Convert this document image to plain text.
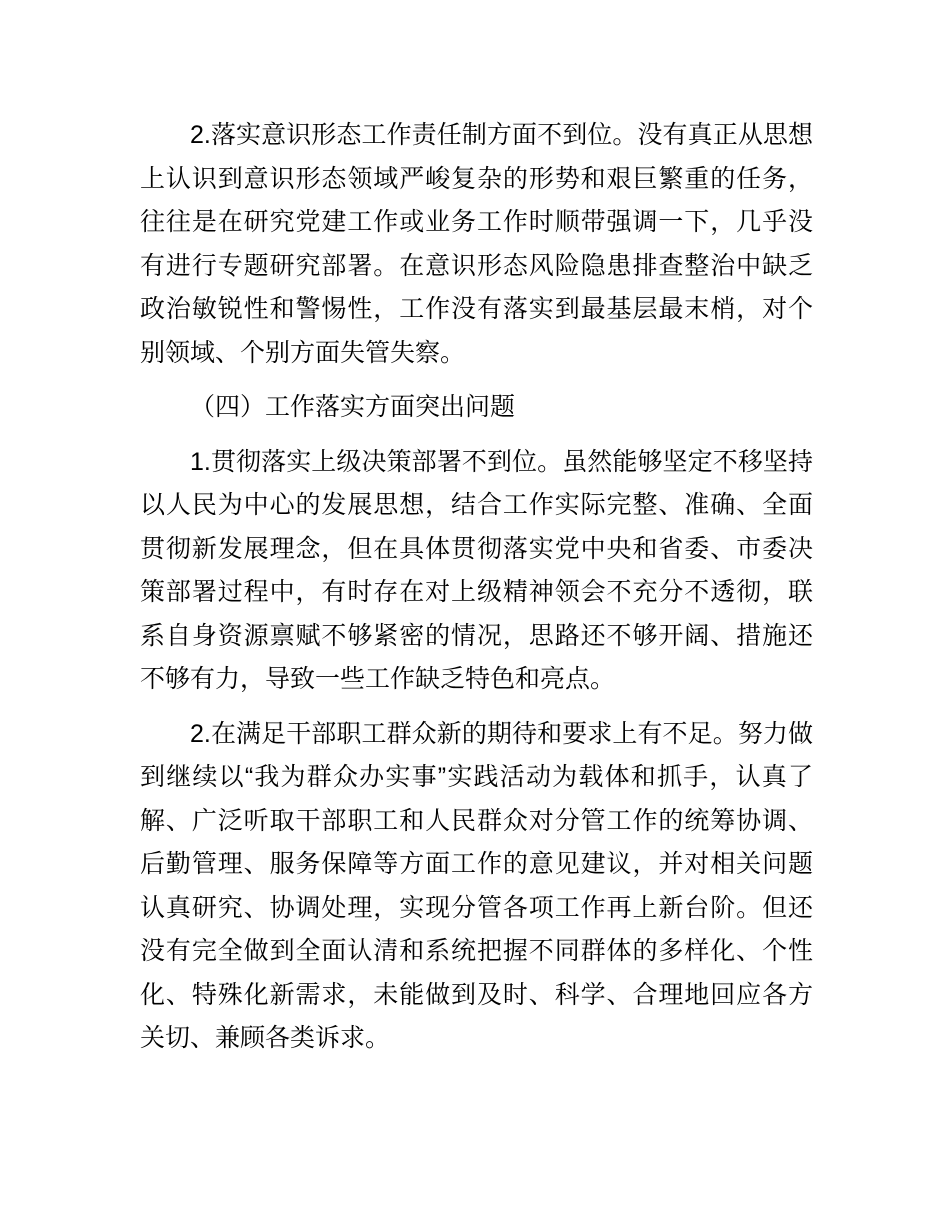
2.落实意识形态工作责任制方面不到位。没有真正从思想上认识到意识形态领域严峻复杂的形势和艰巨繁重的任务，往往是在研究党建工作或业务工作时顺带强调一下，几乎没有进行专题研究部署。在意识形态风险隐患排查整治中缺乏政治敏锐性和警惕性，工作没有落实到最基层最末梢，对个别领域、个别方面失管失察。

（四）工作落实方面突出问题

1.贯彻落实上级决策部署不到位。虽然能够坚定不移坚持以人民为中心的发展思想，结合工作实际完整、准确、全面贯彻新发展理念，但在具体贯彻落实党中央和省委、市委决策部署过程中，有时存在对上级精神领会不充分不透彻，联系自身资源禀赋不够紧密的情况，思路还不够开阔、措施还不够有力，导致一些工作缺乏特色和亮点。

2.在满足干部职工群众新的期待和要求上有不足。努力做到继续以“我为群众办实事”实践活动为载体和抓手，认真了解、广泛听取干部职工和人民群众对分管工作的统筹协调、后勤管理、服务保障等方面工作的意见建议，并对相关问题认真研究、协调处理，实现分管各项工作再上新台阶。但还没有完全做到全面认清和系统把握不同群体的多样化、个性化、特殊化新需求，未能做到及时、科学、合理地回应各方关切、兼顾各类诉求。
